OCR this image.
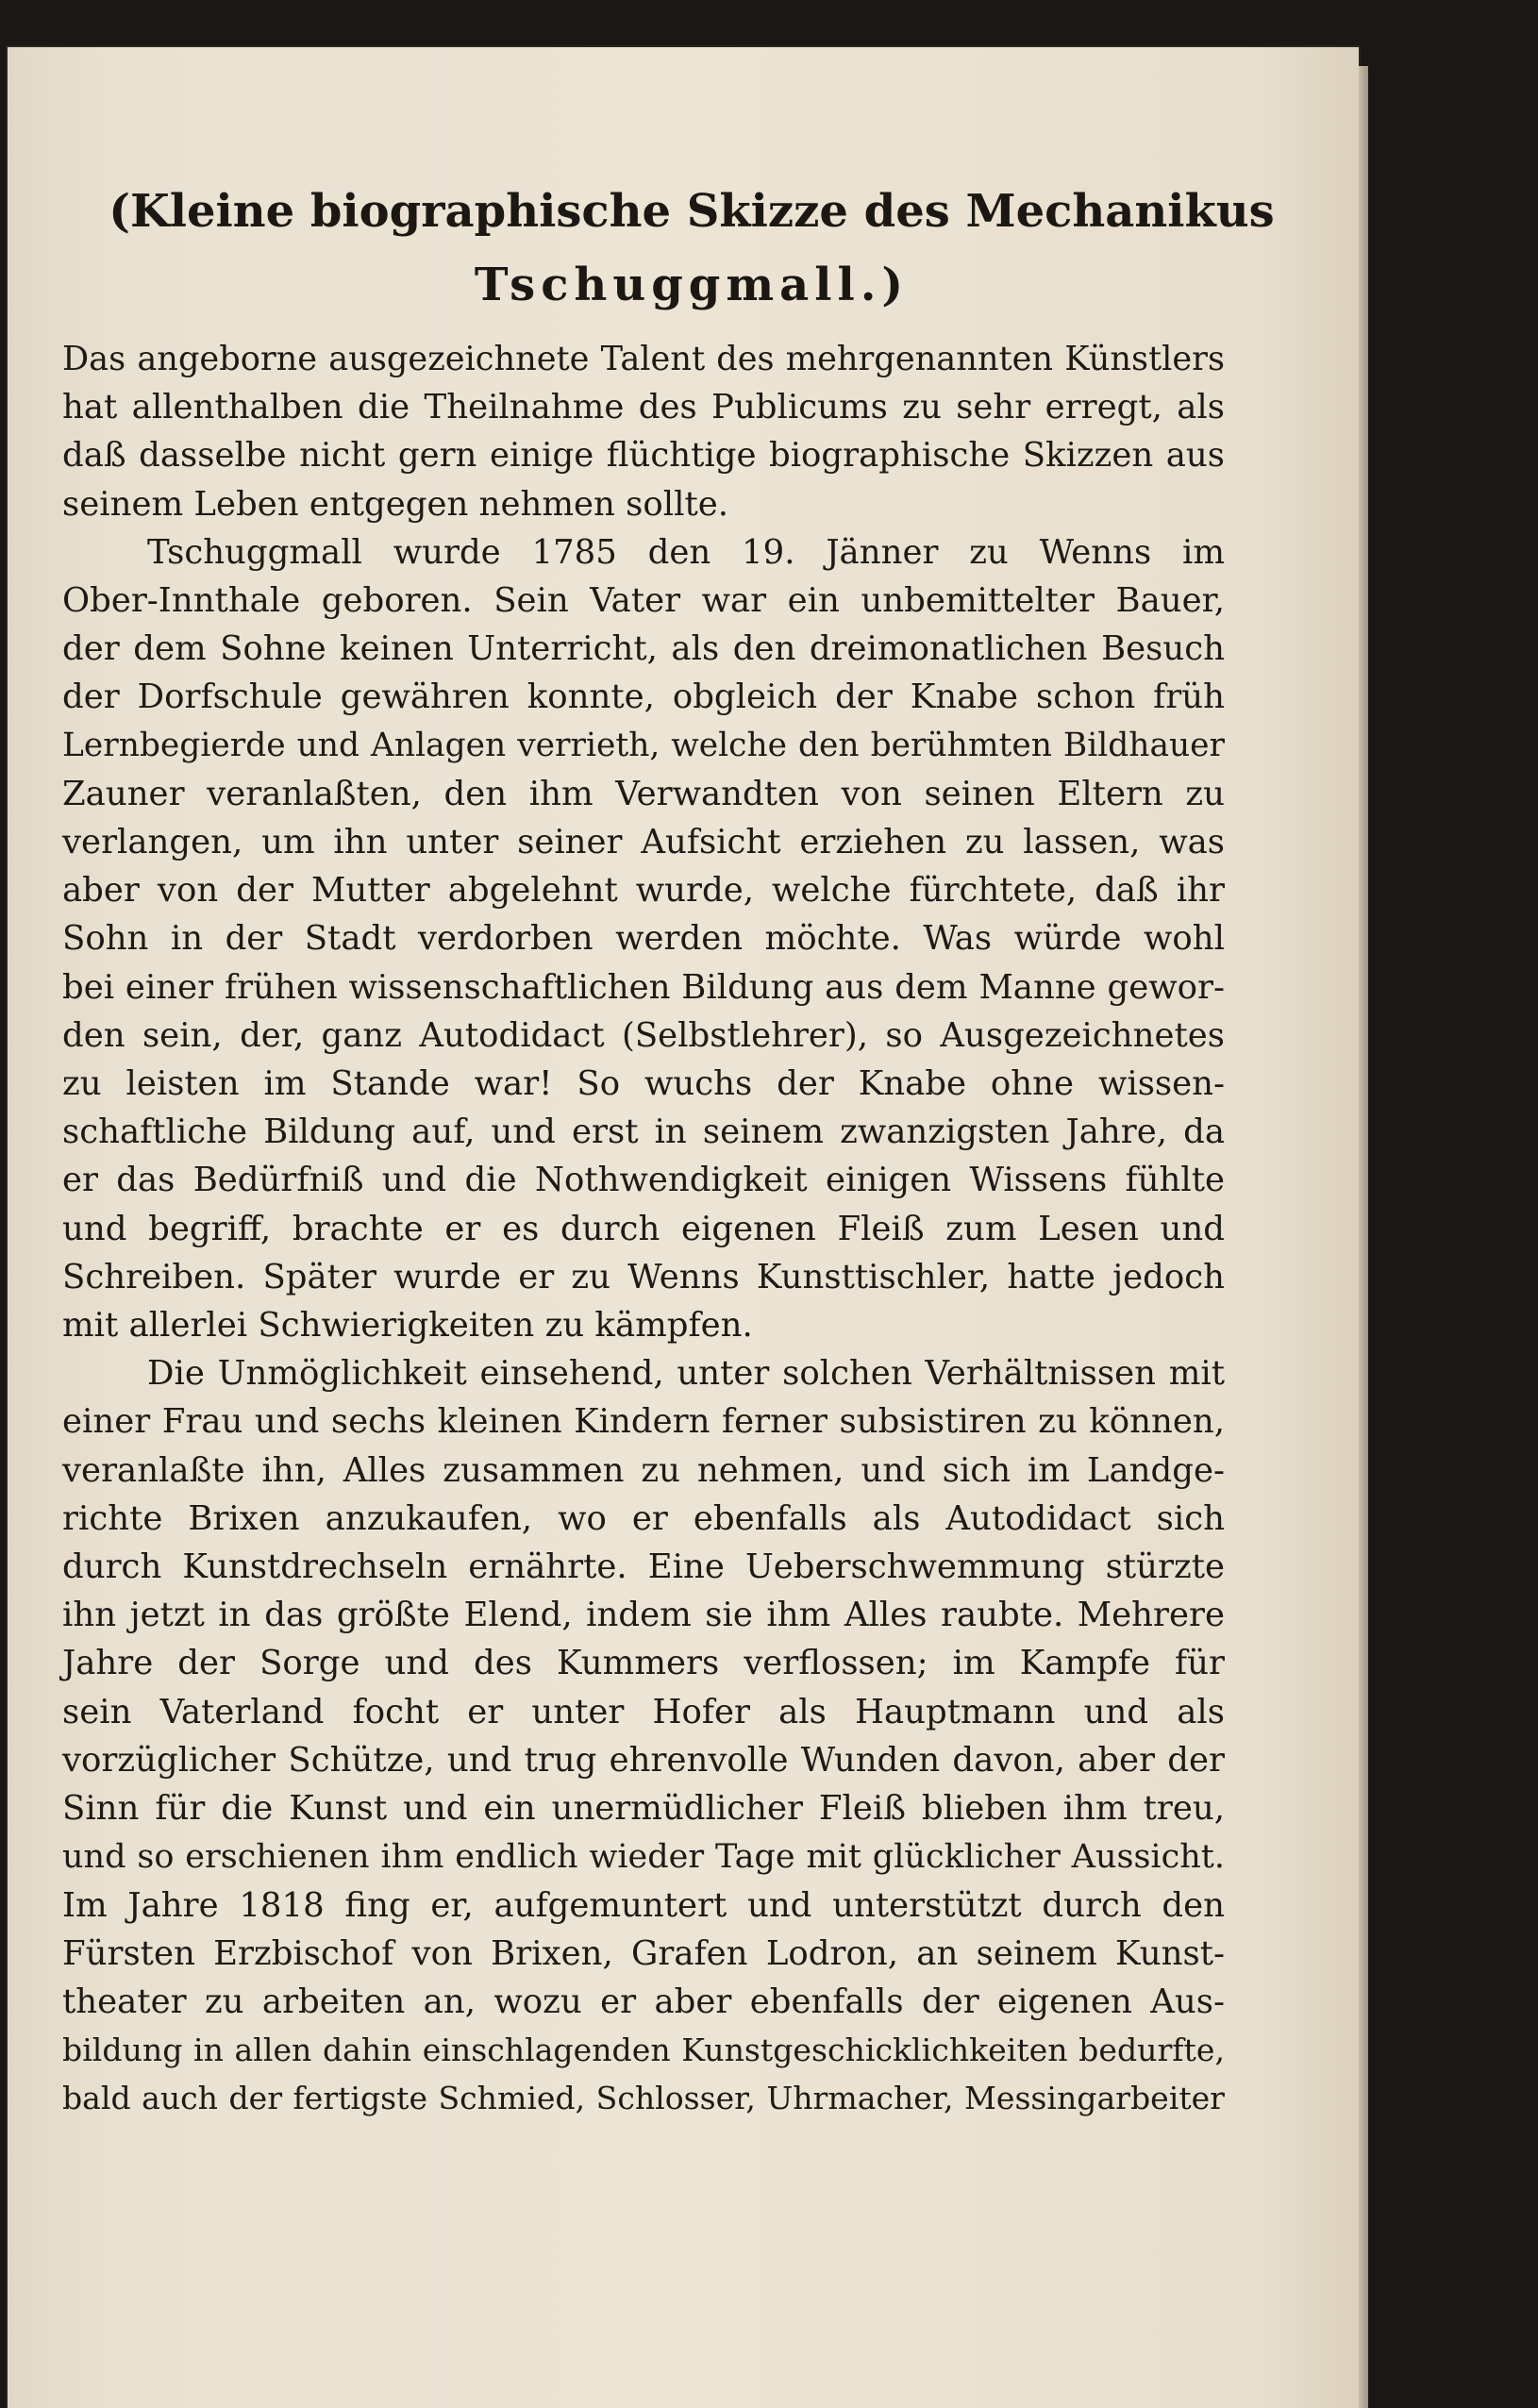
(Kleine biographische Skizze des Mechanikus
Tschuggmall.)

Das angeborne ausgezeichnete Talent des mehrgenannten Künstlers
hat allenthalben die Theilnahme des Publicums zu sehr erregt, als
daß dasselbe nicht gern einige flüchtige biographische Skizzen aus
seinem Leben entgegen nehmen sollte.

Tschuggmall wurde 1785 den 19. Jänner zu Wenns im
Ober-Innthale geboren. Sein Vater war ein unbemittelter Bauer,
der dem Sohne keinen Unterricht, als den dreimonatlichen Besuch
der Dorfschule gewähren konnte, obgleich der Knabe schon früh
Lernbegierde und Anlagen verrieth, welche den berühmten Bildhauer
Zauner veranlaßten, den ihm Verwandten von seinen Eltern zu
verlangen, um ihn unter seiner Aufsicht erziehen zu lassen, was
aber von der Mutter abgelehnt wurde, welche fürchtete, daß ihr
Sohn in der Stadt verdorben werden möchte. Was würde wohl
bei einer frühen wissenschaftlichen Bildung aus dem Manne gewor-
den sein, der, ganz Autodidact (Selbstlehrer), so Ausgezeichnetes
zu leisten im Stande war! So wuchs der Knabe ohne wissen-
schaftliche Bildung auf, und erst in seinem zwanzigsten Jahre, da
er das Bedürfniß und die Nothwendigkeit einigen Wissens fühlte
und begriff, brachte er es durch eigenen Fleiß zum Lesen und
Schreiben. Später wurde er zu Wenns Kunsttischler, hatte jedoch
mit allerlei Schwierigkeiten zu kämpfen.

Die Unmöglichkeit einsehend, unter solchen Verhältnissen mit
einer Frau und sechs kleinen Kindern ferner subsistiren zu können,
veranlaßte ihn, Alles zusammen zu nehmen, und sich im Landge-
richte Brixen anzukaufen, wo er ebenfalls als Autodidact sich
durch Kunstdrechseln ernährte. Eine Ueberschwemmung stürzte
ihn jetzt in das größte Elend, indem sie ihm Alles raubte. Mehrere
Jahre der Sorge und des Kummers verflossen; im Kampfe für
sein Vaterland focht er unter Hofer als Hauptmann und als
vorzüglicher Schütze, und trug ehrenvolle Wunden davon, aber der
Sinn für die Kunst und ein unermüdlicher Fleiß blieben ihm treu,
und so erschienen ihm endlich wieder Tage mit glücklicher Aussicht.
Im Jahre 1818 fing er, aufgemuntert und unterstützt durch den
Fürsten Erzbischof von Brixen, Grafen Lodron, an seinem Kunst-
theater zu arbeiten an, wozu er aber ebenfalls der eigenen Aus-
bildung in allen dahin einschlagenden Kunstgeschicklichkeiten bedurfte,
bald auch der fertigste Schmied, Schlosser, Uhrmacher, Messingarbeiter
